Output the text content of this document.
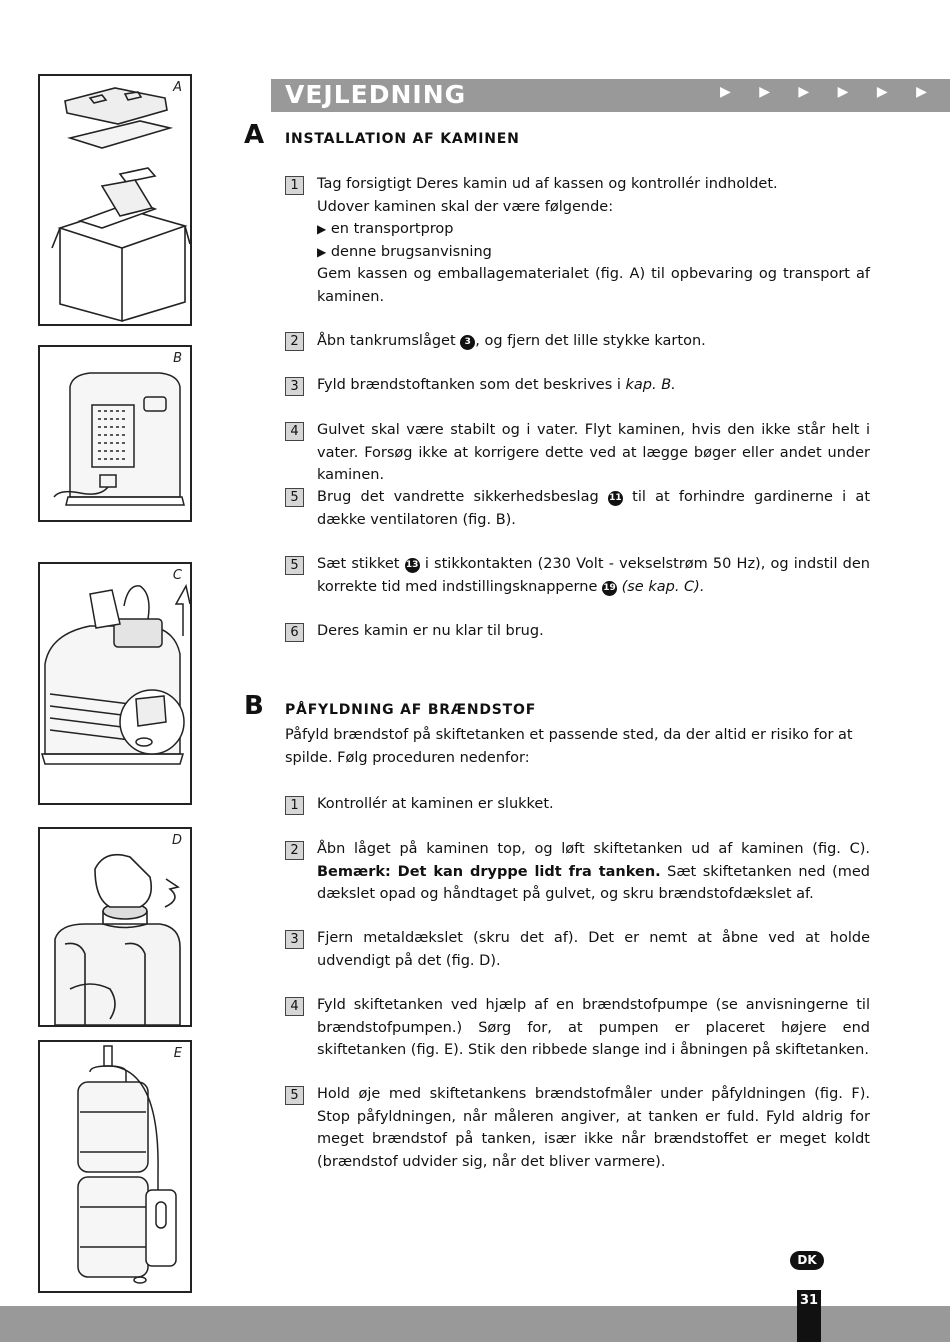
A
B
C
D
E
VEJLEDNING	▶ ▶ ▶ ▶ ▶ ▶
A INSTALLATION AF KAMINEN
1	Tag forsigtigt Deres kamin ud af kassen og kontrollér indholdet.

Udover kaminen skal der være følgende:

▶ en transportprop

▶ denne brugsanvisning

Gem kassen og emballagematerialet (fig. A) til opbevaring og transport af kaminen.

2	Åbn tankrumslåget 3 , og fjern det lille stykke karton.
3	Fyld brændstoftanken som det beskrives i kap. B.
4	Gulvet skal være stabilt og i vater. Flyt kaminen, hvis den ikke står helt i vater. Forsøg ikke at korrigere dette ved at lægge bøger eller andet under kaminen.
5	Brug det vandrette sikkerhedsbeslag 11 til at forhindre gardinerne i at dække ventilatoren (fig. B).
5	Sæt stikket 13 i stikkontakten (230 Volt - vekselstrøm 50 Hz), og indstil den korrekte tid med indstillingsknapperne 19 (se kap. C).
6	Deres kamin er nu klar til brug.
B PÅFYLDNING AF BRÆNDSTOF
Påfyld brændstof på skiftetanken et passende sted, da der altid er risiko for at spilde. Følg proceduren nedenfor:
1	Kontrollér at kaminen er slukket.
2	Åbn låget på kaminen top, og løft skiftetanken ud af kaminen (fig. C). Bemærk: Det kan dryppe lidt fra tanken. Sæt skiftetanken ned (med dækslet opad og håndtaget på gulvet, og skru brændstofdækslet af.
3	Fjern metaldækslet (skru det af). Det er nemt at åbne ved at holde udvendigt på det (fig. D).
4	Fyld skiftetanken ved hjælp af en brændstofpumpe (se anvisningerne til brændstofpumpen.) Sørg for, at pumpen er placeret højere end skiftetanken (fig. E). Stik den ribbede slange ind i åbningen på skiftetanken.
5	Hold øje med skiftetankens brændstofmåler under påfyldningen (fig. F). Stop påfyldningen, når måleren angiver, at tanken er fuld. Fyld aldrig for meget brændstof på tanken, især ikke når brændstoffet er meget koldt (brændstof udvider sig, når det bliver varmere).
DK
31
